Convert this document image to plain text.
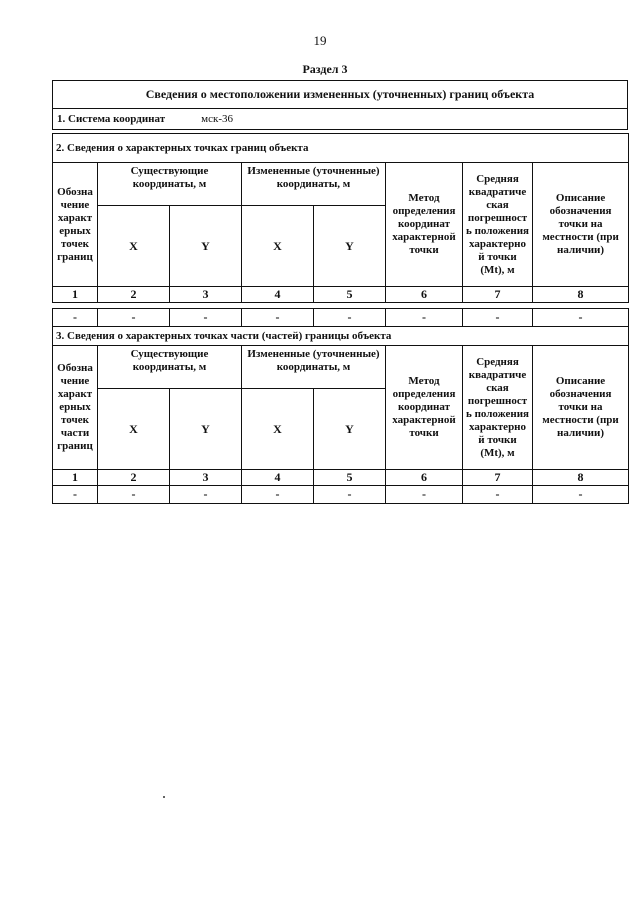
19
Раздел 3
Сведения о местоположении измененных (уточненных) границ объекта
1. Система координат	мск-36
2. Сведения о характерных точках границ объекта							
Обозна чение характ ерных точек границ	Существующие координаты, м		Измененные (уточненные) координаты, м		Метод определения координат характерной точки	Средняя квадратиче ская погрешност ь положения характерно й точки (Mt), м	Описание обозначения точки на местности (при наличии)
	X	Y	X	Y			
1	2	3	4	5	6	7	8

-	-	-	-	-	-	-	-
3. Сведения о характерных точках части (частей) границы объекта							
Обозна чение характ ерных точек части границ	Существующие координаты, м		Измененные (уточненные) координаты, м		Метод определения координат характерной точки	Средняя квадратиче ская погрешност ь положения характерно й точки (Mt), м	Описание обозначения точки на местности (при наличии)
	X	Y	X	Y			
1	2	3	4	5	6	7	8
-	-	-	-	-	-	-	-
